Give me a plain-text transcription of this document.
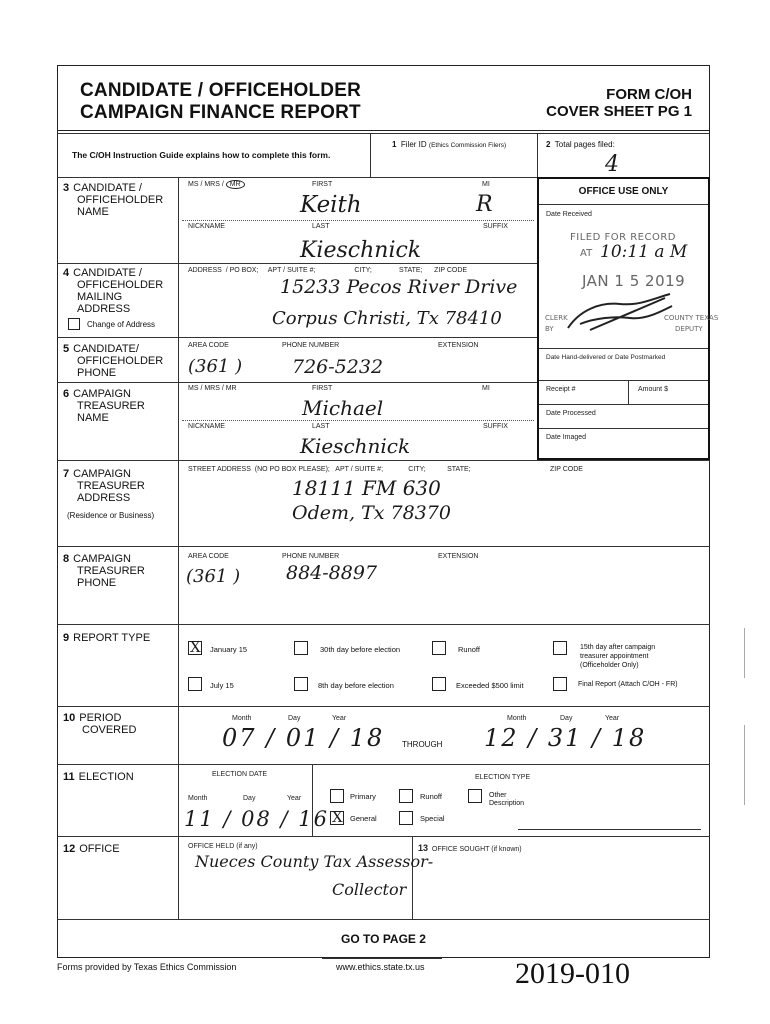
CANDIDATE / OFFICEHOLDER
CAMPAIGN FINANCE REPORT
FORM C/OH
COVER SHEET PG 1
The C/OH Instruction Guide explains how to complete this form.
1 Filer ID (Ethics Commission Filers)	2 Total pages filed:
4
3 CANDIDATE /
OFFICEHOLDER
NAME
MS / MRS / MR	FIRST	MI
Keith	R
NICKNAME	LAST	SUFFIX
Kieschnick
4 CANDIDATE /
OFFICEHOLDER
MAILING
ADDRESS
Change of Address
ADDRESS  / PO BOX;     APT / SUITE #;                    CITY;              STATE;      ZIP CODE
15233 Pecos River Drive
Corpus Christi, Tx 78410
5 CANDIDATE/
OFFICEHOLDER
PHONE
AREA CODE	PHONE NUMBER	EXTENSION
(361 )	726-5232
6 CAMPAIGN
TREASURER
NAME
MS / MRS / MR	FIRST	MI
Michael
NICKNAME	LAST	SUFFIX
Kieschnick
OFFICE USE ONLY
Date Received
FILED FOR RECORD
AT 10:11 a M
JAN 1 5 2019
CLERK	COUNTY TEXAS
BY	DEPUTY
Date Hand-delivered or Date Postmarked
Receipt #	Amount $
Date Processed
Date Imaged
7 CAMPAIGN
TREASURER
ADDRESS
(Residence or Business)
STREET ADDRESS  (NO PO BOX PLEASE);   APT / SUITE #;             CITY;           STATE;	ZIP CODE
18111 FM 630
Odem, Tx 78370
8 CAMPAIGN
TREASURER
PHONE
AREA CODE	PHONE NUMBER	EXTENSION
(361 ) 884-8897
9 REPORT TYPE	X January 15	30th day before election	Runoff	15th day after campaign
treasurer appointment
(Officeholder Only)
July 15	8th day before election	Exceeded $500 limit	Final Report (Attach C/OH - FR)
10 PERIOD
COVERED
Month	Day	Year
07 / 01 / 18 THROUGH
Month	Day	Year
12 / 31 / 18
11 ELECTION	ELECTION DATE
Month	Day	Year
11 / 08 / 16
ELECTION TYPE
Primary
X General
Runoff
Special
Other
Description
12 OFFICE	OFFICE HELD (if any)
Nueces County Tax Assessor-
Collector
13 OFFICE SOUGHT (if known)
GO TO PAGE 2
Forms provided by Texas Ethics Commission	www.ethics.state.tx.us	2019-010
